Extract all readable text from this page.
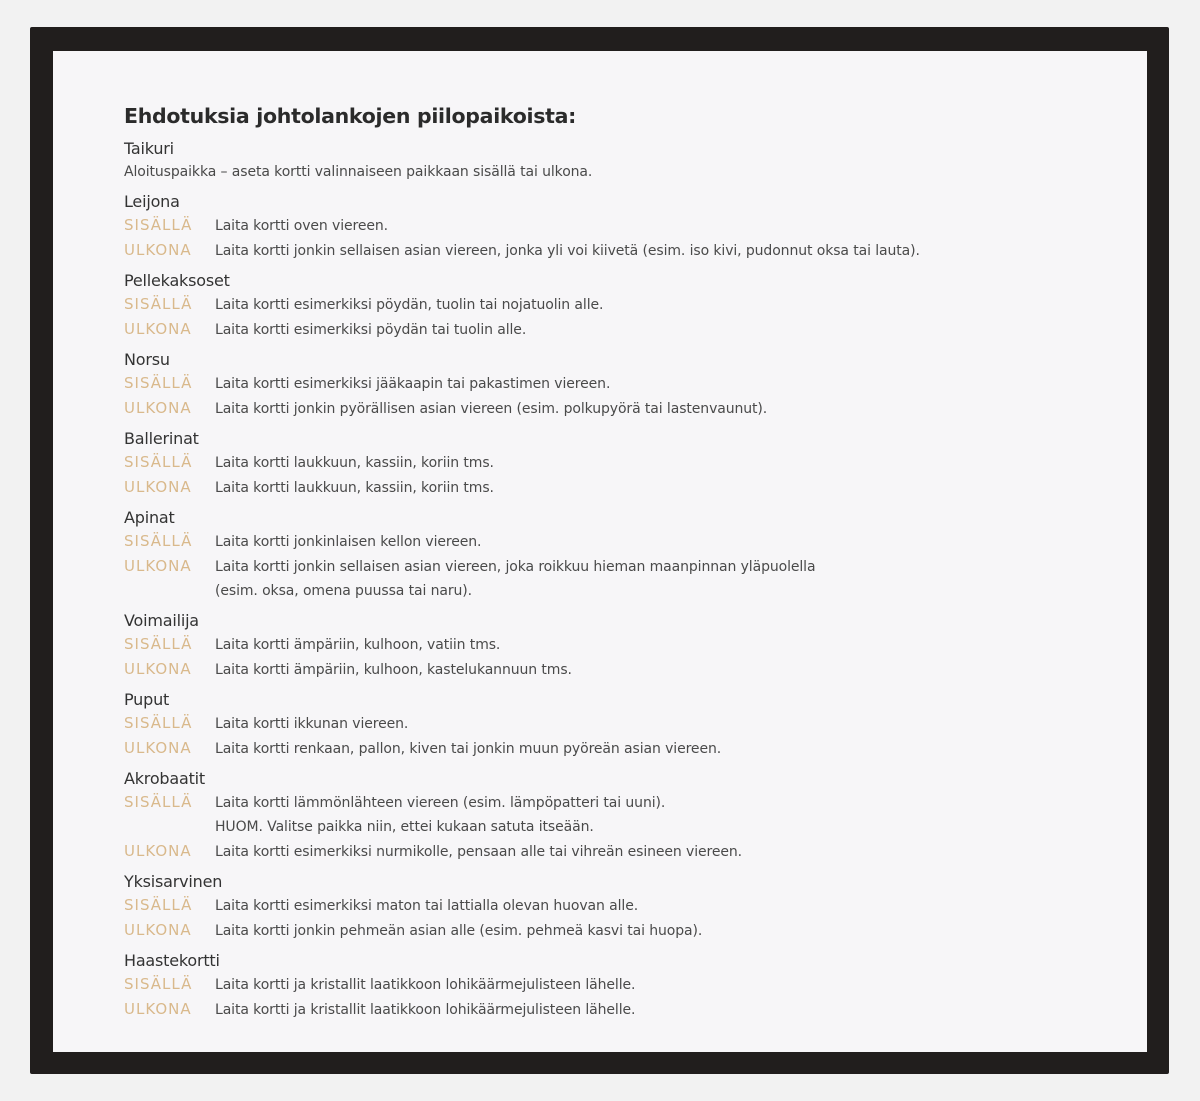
Ehdotuksia johtolankojen piilopaikoista:
Taikuri
Aloituspaikka – aseta kortti valinnaiseen paikkaan sisällä tai ulkona.
Leijona
SISÄLLÄ	Laita kortti oven viereen.
ULKONA	Laita kortti jonkin sellaisen asian viereen, jonka yli voi kiivetä (esim. iso kivi, pudonnut oksa tai lauta).
Pellekaksoset
SISÄLLÄ	Laita kortti esimerkiksi pöydän, tuolin tai nojatuolin alle.
ULKONA	Laita kortti esimerkiksi pöydän tai tuolin alle.
Norsu
SISÄLLÄ	Laita kortti esimerkiksi jääkaapin tai pakastimen viereen.
ULKONA	Laita kortti jonkin pyörällisen asian viereen (esim. polkupyörä tai lastenvaunut).
Ballerinat
SISÄLLÄ	Laita kortti laukkuun, kassiin, koriin tms.
ULKONA	Laita kortti laukkuun, kassiin, koriin tms.
Apinat
SISÄLLÄ	Laita kortti jonkinlaisen kellon viereen.
ULKONA	Laita kortti jonkin sellaisen asian viereen, joka roikkuu hieman maanpinnan yläpuolella
(esim. oksa, omena puussa tai naru).
Voimailija
SISÄLLÄ	Laita kortti ämpäriin, kulhoon, vatiin tms.
ULKONA	Laita kortti ämpäriin, kulhoon, kastelukannuun tms.
Puput
SISÄLLÄ	Laita kortti ikkunan viereen.
ULKONA	Laita kortti renkaan, pallon, kiven tai jonkin muun pyöreän asian viereen.
Akrobaatit
SISÄLLÄ	Laita kortti lämmönlähteen viereen (esim. lämpöpatteri tai uuni).
HUOM. Valitse paikka niin, ettei kukaan satuta itseään.
ULKONA	Laita kortti esimerkiksi nurmikolle, pensaan alle tai vihreän esineen viereen.
Yksisarvinen
SISÄLLÄ	Laita kortti esimerkiksi maton tai lattialla olevan huovan alle.
ULKONA	Laita kortti jonkin pehmeän asian alle (esim. pehmeä kasvi tai huopa).
Haastekortti
SISÄLLÄ	Laita kortti ja kristallit laatikkoon lohikäärmejulisteen lähelle.
ULKONA	Laita kortti ja kristallit laatikkoon lohikäärmejulisteen lähelle.
